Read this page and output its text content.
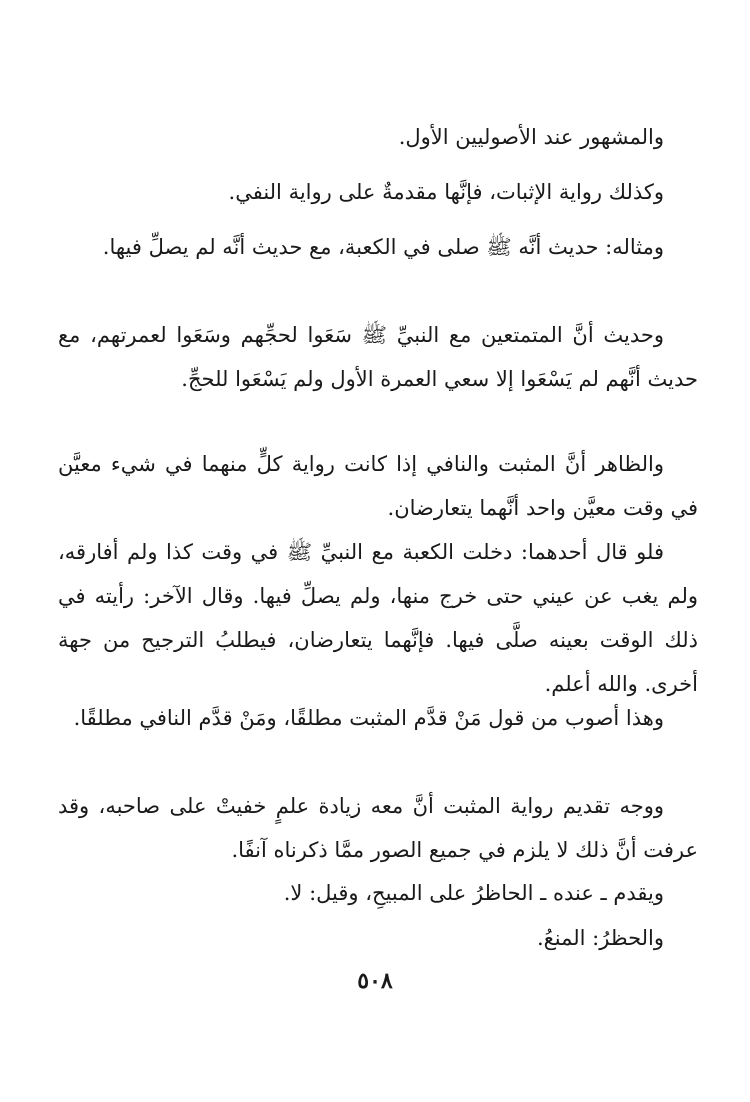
والمشهور عند الأصوليين الأول.

وكذلك رواية الإثبات، فإنَّها مقدمةٌ على رواية النفي.

ومثاله: حديث أنَّه ﷺ صلى في الكعبة، مع حديث أنَّه لم يصلِّ فيها.

وحديث أنَّ المتمتعين مع النبيِّ ﷺ سَعَوا لحجِّهم وسَعَوا لعمرتهم، مع حديث أنَّهم لم يَسْعَوا إلا سعي العمرة الأول ولم يَسْعَوا للحجِّ.

والظاهر أنَّ المثبت والنافي إذا كانت رواية كلٍّ منهما في شيء معيَّن في وقت معيَّن واحد أنَّهما يتعارضان.

فلو قال أحدهما: دخلت الكعبة مع النبيِّ ﷺ في وقت كذا ولم أفارقه، ولم يغب عن عيني حتى خرج منها، ولم يصلِّ فيها. وقال الآخر: رأيته في ذلك الوقت بعينه صلَّى فيها. فإنَّهما يتعارضان، فيطلبُ الترجيح من جهة أخرى. والله أعلم.

وهذا أصوب من قول مَنْ قدَّم المثبت مطلقًا، ومَنْ قدَّم النافي مطلقًا.

ووجه تقديم رواية المثبت أنَّ معه زيادة علمٍ خفيتْ على صاحبه، وقد عرفت أنَّ ذلك لا يلزم في جميع الصور ممَّا ذكرناه آنفًا.

ويقدم ـ عنده ـ الحاظرُ على المبيحِ، وقيل: لا.

والحظرُ: المنعُ.

٥٠٨
